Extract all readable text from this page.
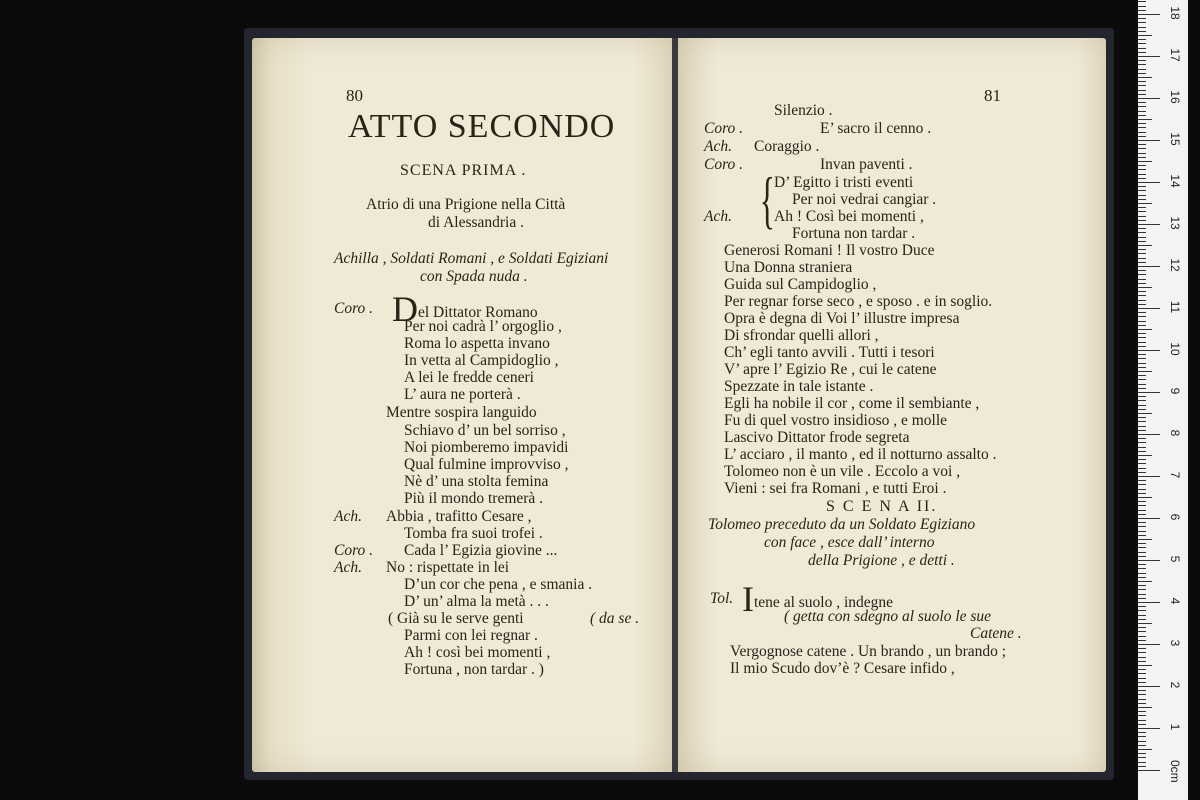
80
ATTO SECONDO
SCENA PRIMA .
Atrio di una Prigione nella Città
di Alessandria .
Achilla , Soldati Romani , e Soldati Egiziani
con Spada nuda .
Coro . Del Dittator Romano
Per noi cadrà l’ orgoglio ,
Roma lo aspetta invano
In vetta al Campidoglio ,
A lei le fredde ceneri
L’ aura ne porterà .
Mentre sospira languido
Schiavo d’ un bel sorriso ,
Noi piomberemo impavidi
Qual fulmine improvviso ,
Nè d’ una stolta femina
Più il mondo tremerà .
Ach. Abbia , trafitto Cesare ,
Tomba fra suoi trofei .
Coro . Cada l’ Egizia giovine ...
Ach. No : rispettate in lei
D’un cor che pena , e smania .
D’ un’ alma la metà . . .
( Già su le serve genti	( da se .
Parmi con lei regnar .
Ah ! così bei momenti ,
Fortuna , non tardar . )
81
Silenzio .
Coro .	E’ sacro il cenno .
Ach. Coraggio .
Coro .	Invan paventi .
{
D’ Egitto i tristi eventi
Per noi vedrai cangiar .
Ach.	Ah ! Così bei momenti ,
Fortuna non tardar .
Generosi Romani ! Il vostro Duce
Una Donna straniera
Guida sul Campidoglio ,
Per regnar forse seco , e sposo . e in soglio.
Opra è degna di Voi l’ illustre impresa
Di sfrondar quelli allori ,
Ch’ egli tanto avvili . Tutti i tesori
V’ apre l’ Egizio Re , cui le catene
Spezzate in tale istante .
Egli ha nobile il cor , come il sembiante ,
Fu di quel vostro insidioso , e molle
Lascivo Dittator frode segreta
L’ acciaro , il manto , ed il notturno assalto .
Tolomeo non è un vile . Eccolo a voi ,
Vieni : sei fra Romani , e tutti Eroi .
S C E N A II.
Tolomeo preceduto da un Soldato Egiziano
con face , esce dall’ interno
della Prigione , e detti .
Tol. Itene al suolo , indegne
( getta con sdegno al suolo le sue
Catene .
Vergognose catene . Un brando , un brando ;
Il mio Scudo dov’è ? Cesare infido ,
0cm
1
2
3
4
5
6
7
8
9
10
11
12
13
14
15
16
17
18
